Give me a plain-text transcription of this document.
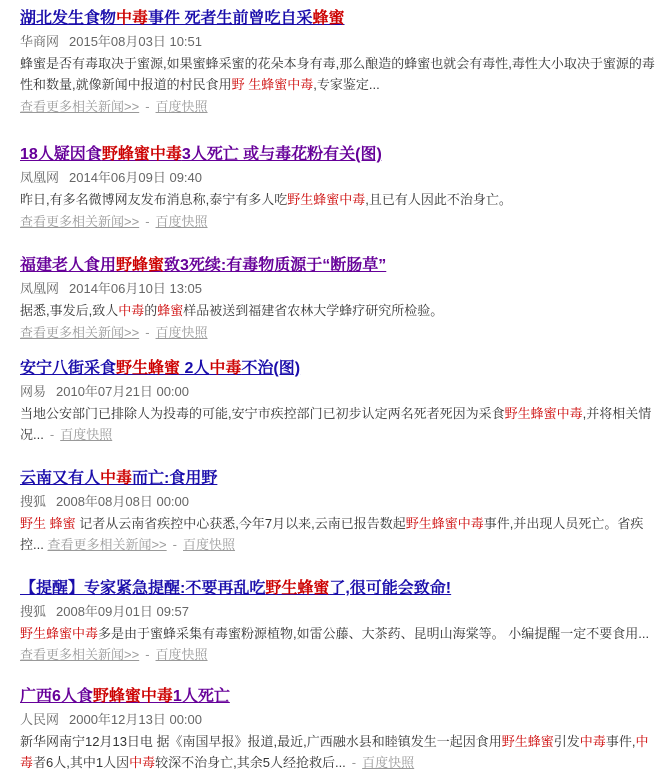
湖北发生食物中毒事件 死者生前曾吃自采蜂蜜
华商网 2015年08月03日 10:51
蜂蜜是否有毒取决于蜜源,如果蜜蜂采蜜的花朵本身有毒,那么酿造的蜂蜜也就会有毒性,毒性大小取决于蜜源的毒性和数量,就像新闻中报道的村民食用野 生蜂蜜中毒,专家鉴定...
查看更多相关新闻>> - 百度快照
18人疑因食野蜂蜜中毒3人死亡 或与毒花粉有关(图)
凤凰网 2014年06月09日 09:40
昨日,有多名微博网友发布消息称,泰宁有多人吃野生蜂蜜中毒,且已有人因此不治身亡。
查看更多相关新闻>> - 百度快照
福建老人食用野蜂蜜致3死续:有毒物质源于“断肠草”
凤凰网 2014年06月10日 13:05
据悉,事发后,致人中毒的蜂蜜样品被送到福建省农林大学蜂疗研究所检验。
查看更多相关新闻>> - 百度快照
安宁八街采食野生蜂蜜 2人中毒不治(图)
网易 2010年07月21日 00:00
当地公安部门已排除人为投毒的可能,安宁市疾控部门已初步认定两名死者死因为采食野生蜂蜜中毒,并将相关情况... - 百度快照
云南又有人中毒而亡:食用野
搜狐 2008年08月08日 00:00
野生 蜂蜜 记者从云南省疾控中心获悉,今年7月以来,云南已报告数起野生蜂蜜中毒事件,并出现人员死亡。省疾控... 查看更多相关新闻>> - 百度快照
【提醒】专家紧急提醒:不要再乱吃野生蜂蜜了,很可能会致命!
搜狐 2008年09月01日 09:57
野生蜂蜜中毒多是由于蜜蜂采集有毒蜜粉源植物,如雷公藤、大茶药、昆明山海棠等。 小编提醒一定不要食用... 查看更多相关新闻>> - 百度快照
广西6人食野蜂蜜中毒1人死亡
人民网 2000年12月13日 00:00
新华网南宁12月13日电 据《南国早报》报道,最近,广西融水县和睦镇发生一起因食用野生蜂蜜引发中毒事件,中毒者6人,其中1人因中毒较深不治身亡,其余5人经抢救后... - 百度快照
